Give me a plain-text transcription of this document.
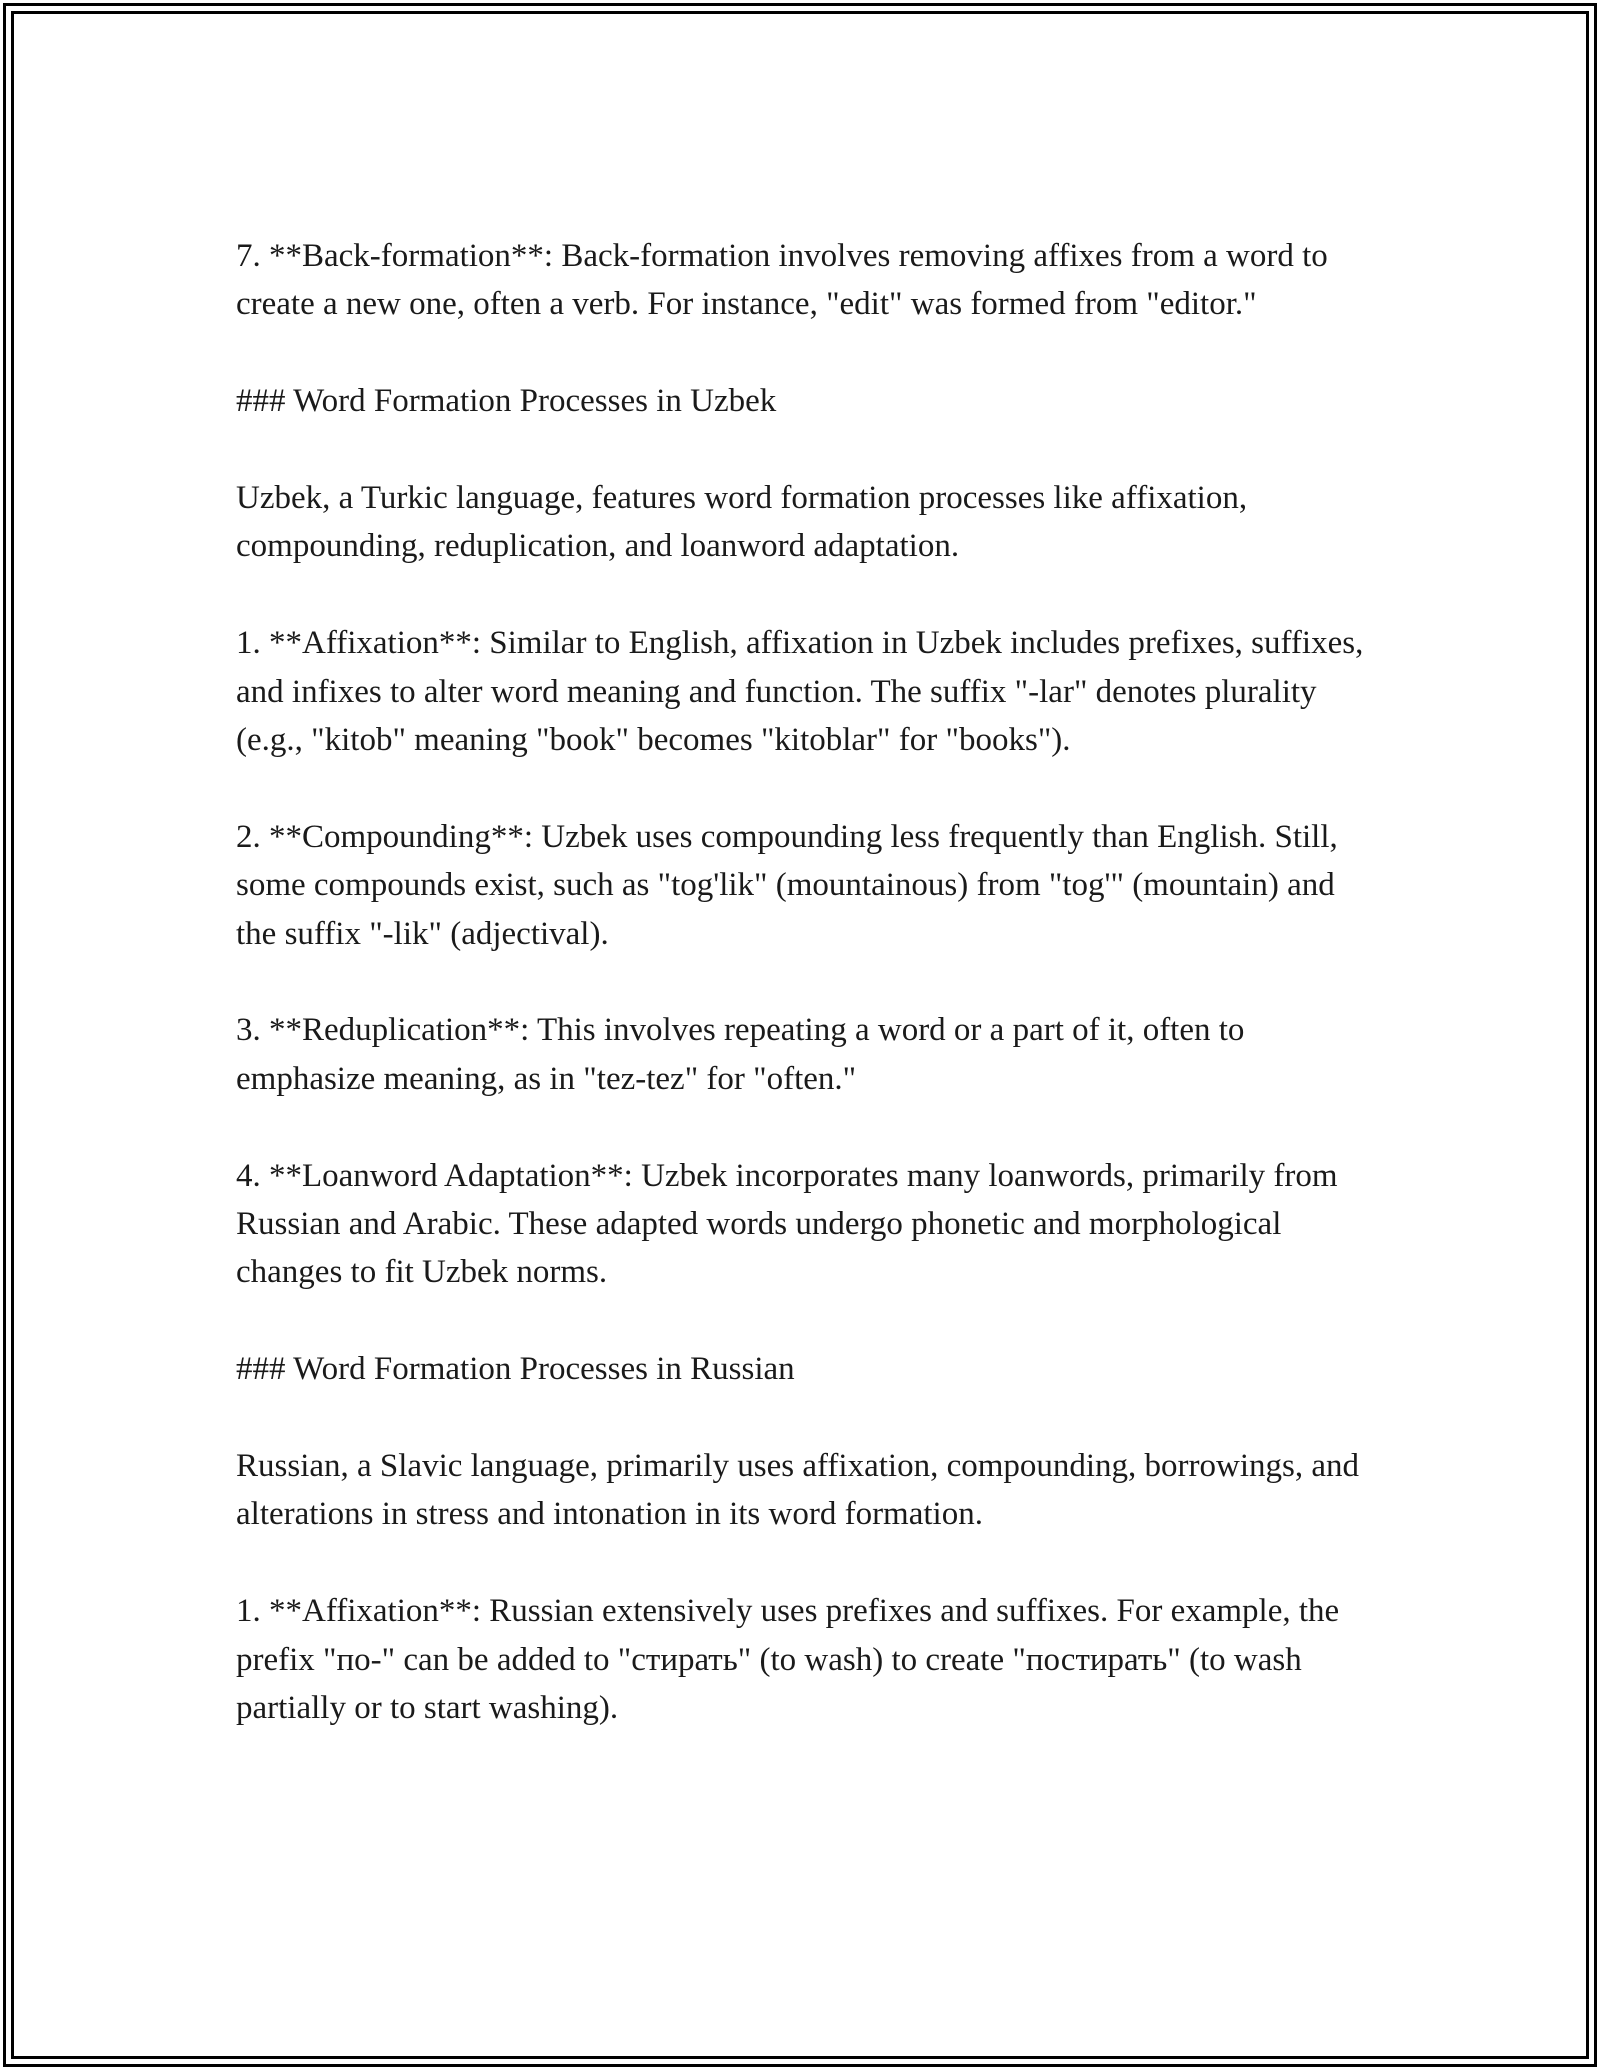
7. **Back-formation**: Back-formation involves removing affixes from a word to create a new one, often a verb. For instance, "edit" was formed from "editor."

### Word Formation Processes in Uzbek

Uzbek, a Turkic language, features word formation processes like affixation, compounding, reduplication, and loanword adaptation.

1. **Affixation**: Similar to English, affixation in Uzbek includes prefixes, suffixes, and infixes to alter word meaning and function. The suffix "-lar" denotes plurality (e.g., "kitob" meaning "book" becomes "kitoblar" for "books").

2. **Compounding**: Uzbek uses compounding less frequently than English. Still, some compounds exist, such as "tog'lik" (mountainous) from "tog'" (mountain) and the suffix "-lik" (adjectival).

3. **Reduplication**: This involves repeating a word or a part of it, often to emphasize meaning, as in "tez-tez" for "often."

4. **Loanword Adaptation**: Uzbek incorporates many loanwords, primarily from Russian and Arabic. These adapted words undergo phonetic and morphological changes to fit Uzbek norms.

### Word Formation Processes in Russian

Russian, a Slavic language, primarily uses affixation, compounding, borrowings, and alterations in stress and intonation in its word formation.

1. **Affixation**: Russian extensively uses prefixes and suffixes. For example, the prefix "по-" can be added to "стирать" (to wash) to create "постирать" (to wash partially or to start washing).
